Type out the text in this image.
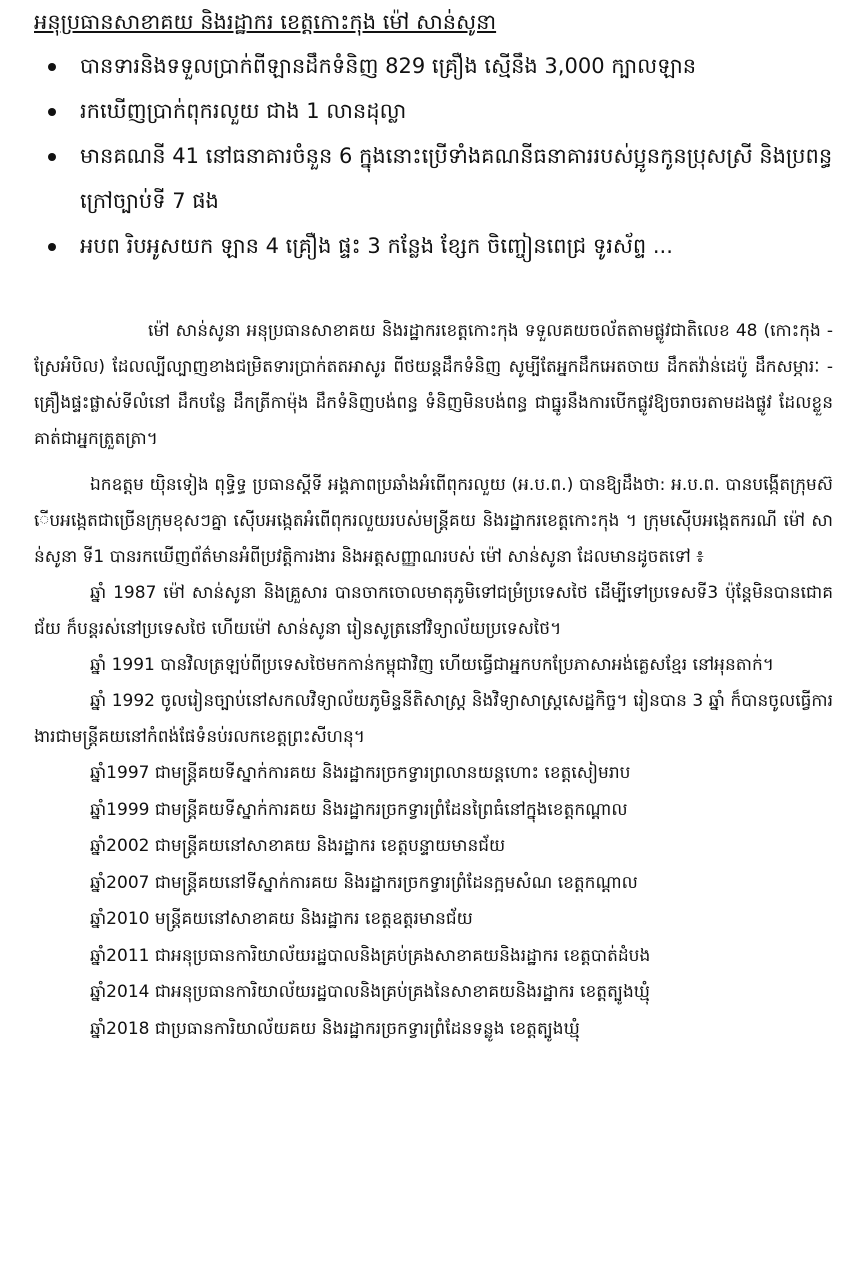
អនុប្រធានសាខាគយ និងរដ្ឋាករ ខេត្តកោះកុង ម៉ៅ សាន់សូនា
បានទារនិងទទួលប្រាក់ពីឡានដឹកទំនិញ 829 គ្រឿង ស្មើនឹង 3,000 ក្បាលឡាន
រកឃើញប្រាក់ពុករលួយ ជាង 1 លានដុល្លា
មានគណនី 41 នៅធនាគារចំនួន 6 ក្នុងនោះប្រើទាំងគណនីធនាគាររបស់ប្អូនកូនប្រុសស្រី និងប្រពន្ធក្រៅច្បាប់ទី 7 ផង
អបព រិបអូសយក ឡាន 4 គ្រឿង ផ្ទះ 3 កន្លែង ខ្សែក ចិញ្ចៀនពេជ្រ ទូរស័ព្ទ ...

ម៉ៅ សាន់សូនា អនុប្រធានសាខាគយ និងរដ្ឋាករខេត្តកោះកុង ទទួលគយចល័តតាមផ្លូវជាតិលេខ 48 (កោះកុង - ស្រែអំបិល) ដែលល្បីល្បាញខាងជម្រិតទារប្រាក់តតអាសូរ ពីថយន្តដឹកទំនិញ សូម្បីតែអ្នកដឹកអេតចាយ ដឹកតវ៉ាន់ដេប៉ូ ដឹកសម្ភារៈ - គ្រឿងផ្ទះផ្លាស់ទីលំនៅ ដឹកបន្លែ ដឹកត្រីកាម៉ុង ដឹកទំនិញបង់ពន្ធ ទំនិញមិនបង់ពន្ធ ជាធ្នូរនឹងការបើកផ្លូវឱ្យចរាចរតាមដងផ្លូវ ដែលខ្លួនគាត់ជាអ្នកត្រួតត្រា។

ឯកឧត្តម យ៉ិនទៀង ពុទ្ធិទ្ធ ប្រធានស្តីទី អង្គភាពប្រឆាំងអំពើពុករលួយ (អ.ប.ព.) បានឱ្យដឹងថា: អ.ប.ព. បានបង្កើតក្រុមស៊ើបអង្កេតជាច្រើនក្រុមខុសៗគ្នា ស៊ើបអង្កេតអំពើពុករលួយរបស់មន្ត្រីគយ និងរដ្ឋាករខេត្តកោះកុង ។ ក្រុមស៊ើបអង្កេតករណី ម៉ៅ សាន់សូនា ទី1 បានរកឃើញព័ត៌មានអំពីប្រវត្តិការងារ និងអត្តសញ្ញាណរបស់ ម៉ៅ សាន់សូនា ដែលមានដូចតទៅ ៖

ឆ្នាំ 1987 ម៉ៅ សាន់សូនា និងគ្រួសារ បានចាកចោលមាតុភូមិទៅជម្រំប្រទេសថៃ ដើម្បីទៅប្រទេសទី3 ប៉ុន្តែមិនបានជោគជ័យ ក៏បន្តរស់នៅប្រទេសថៃ ហើយម៉ៅ សាន់សូនា រៀនសូត្រនៅវិទ្យាល័យប្រទេសថៃ។

ឆ្នាំ 1991 បានវិលត្រឡប់ពីប្រទេសថៃមកកាន់កម្ពុជាវិញ ហើយធ្វើជាអ្នកបកប្រែភាសាអង់គ្លេសខ្មែរ នៅអុនតាក់។

ឆ្នាំ 1992 ចូលរៀនច្បាប់នៅសកលវិទ្យាល័យភូមិន្ទនីតិសាស្ត្រ និងវិទ្យាសាស្ត្រសេដ្ឋកិច្ច។ រៀនបាន 3 ឆ្នាំ ក៏បានចូលធ្វើការងារជាមន្ត្រីគយនៅកំពង់ផែទំនប់រលកខេត្តព្រះសីហនុ។

ឆ្នាំ1997 ជាមន្ត្រីគយទីស្នាក់ការគយ និងរដ្ឋាករច្រកទ្វារព្រលានយន្តហោះ ខេត្តសៀមរាប
ឆ្នាំ1999 ជាមន្ត្រីគយទីស្នាក់ការគយ និងរដ្ឋាករច្រកទ្វារព្រំដែនព្រៃធំនៅក្នុងខេត្តកណ្តាល
ឆ្នាំ2002 ជាមន្ត្រីគយនៅសាខាគយ និងរដ្ឋាករ ខេត្តបន្ទាយមានជ័យ
ឆ្នាំ2007 ជាមន្ត្រីគយនៅទីស្នាក់ការគយ និងរដ្ឋាករច្រកទ្វារព្រំដែនក្អមសំណ ខេត្តកណ្តាល
ឆ្នាំ2010 មន្ត្រីគយនៅសាខាគយ និងរដ្ឋាករ ខេត្តឧត្តរមានជ័យ
ឆ្នាំ2011 ជាអនុប្រធានការិយាល័យរដ្ឋបាលនិងគ្រប់គ្រងសាខាគយនិងរដ្ឋាករ ខេត្តបាត់ដំបង
ឆ្នាំ2014 ជាអនុប្រធានការិយាល័យរដ្ឋបាលនិងគ្រប់គ្រងនៃសាខាគយនិងរដ្ឋាករ ខេត្តត្បូងឃ្មុំ
ឆ្នាំ2018 ជាប្រធានការិយាល័យគយ និងរដ្ឋាករច្រកទ្វារព្រំដែនទន្លូង ខេត្តត្បូងឃ្មុំ
